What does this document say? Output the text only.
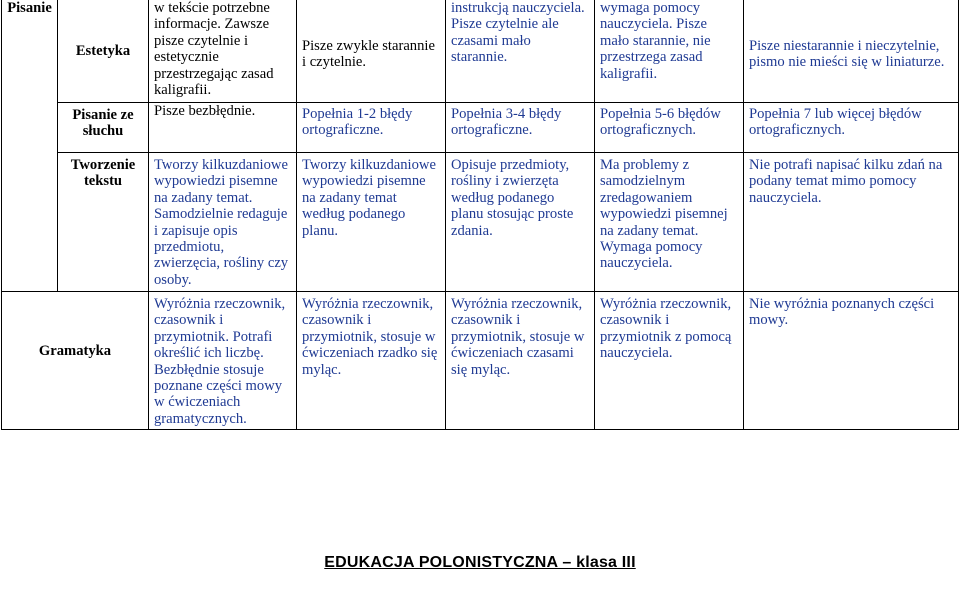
Pisanie	Estetyka	w tekście potrzebne informacje. Zawsze pisze czytelnie i estetycznie przestrzegając zasad kaligrafii.	Pisze zwykle starannie i czytelnie.	instrukcją nauczyciela. Pisze czytelnie ale czasami mało starannie.	wymaga pomocy nauczyciela. Pisze mało starannie, nie przestrzega zasad kaligrafii.	Pisze niestarannie i nieczytelnie, pismo nie mieści się w liniaturze.
	Pisanie ze słuchu	Pisze bezbłędnie.	Popełnia 1-2 błędy ortograficzne.	Popełnia 3-4 błędy ortograficzne.	Popełnia 5-6 błędów ortograficznych.	Popełnia 7 lub więcej błędów ortograficznych.
	Tworzenie tekstu	Tworzy kilkuzdaniowe wypowiedzi pisemne na zadany temat. Samodzielnie redaguje i zapisuje opis przedmiotu, zwierzęcia, rośliny czy osoby.	Tworzy kilkuzdaniowe wypowiedzi pisemne na zadany temat według podanego planu.	Opisuje przedmioty, rośliny i zwierzęta według podanego planu stosując proste zdania.	Ma problemy z samodzielnym zredagowaniem wypowiedzi pisemnej na zadany temat. Wymaga pomocy nauczyciela.	Nie potrafi napisać kilku zdań na podany temat mimo pomocy nauczyciela.
Gramatyka		Wyróżnia rzeczownik, czasownik i przymiotnik. Potrafi określić ich liczbę. Bezbłędnie stosuje poznane części mowy w ćwiczeniach gramatycznych.	Wyróżnia rzeczownik, czasownik i przymiotnik, stosuje w ćwiczeniach rzadko się myląc.	Wyróżnia rzeczownik, czasownik i przymiotnik, stosuje w ćwiczeniach czasami się myląc.	Wyróżnia rzeczownik, czasownik i przymiotnik z pomocą nauczyciela.	Nie wyróżnia poznanych części mowy.
EDUKACJA POLONISTYCZNA – klasa III
